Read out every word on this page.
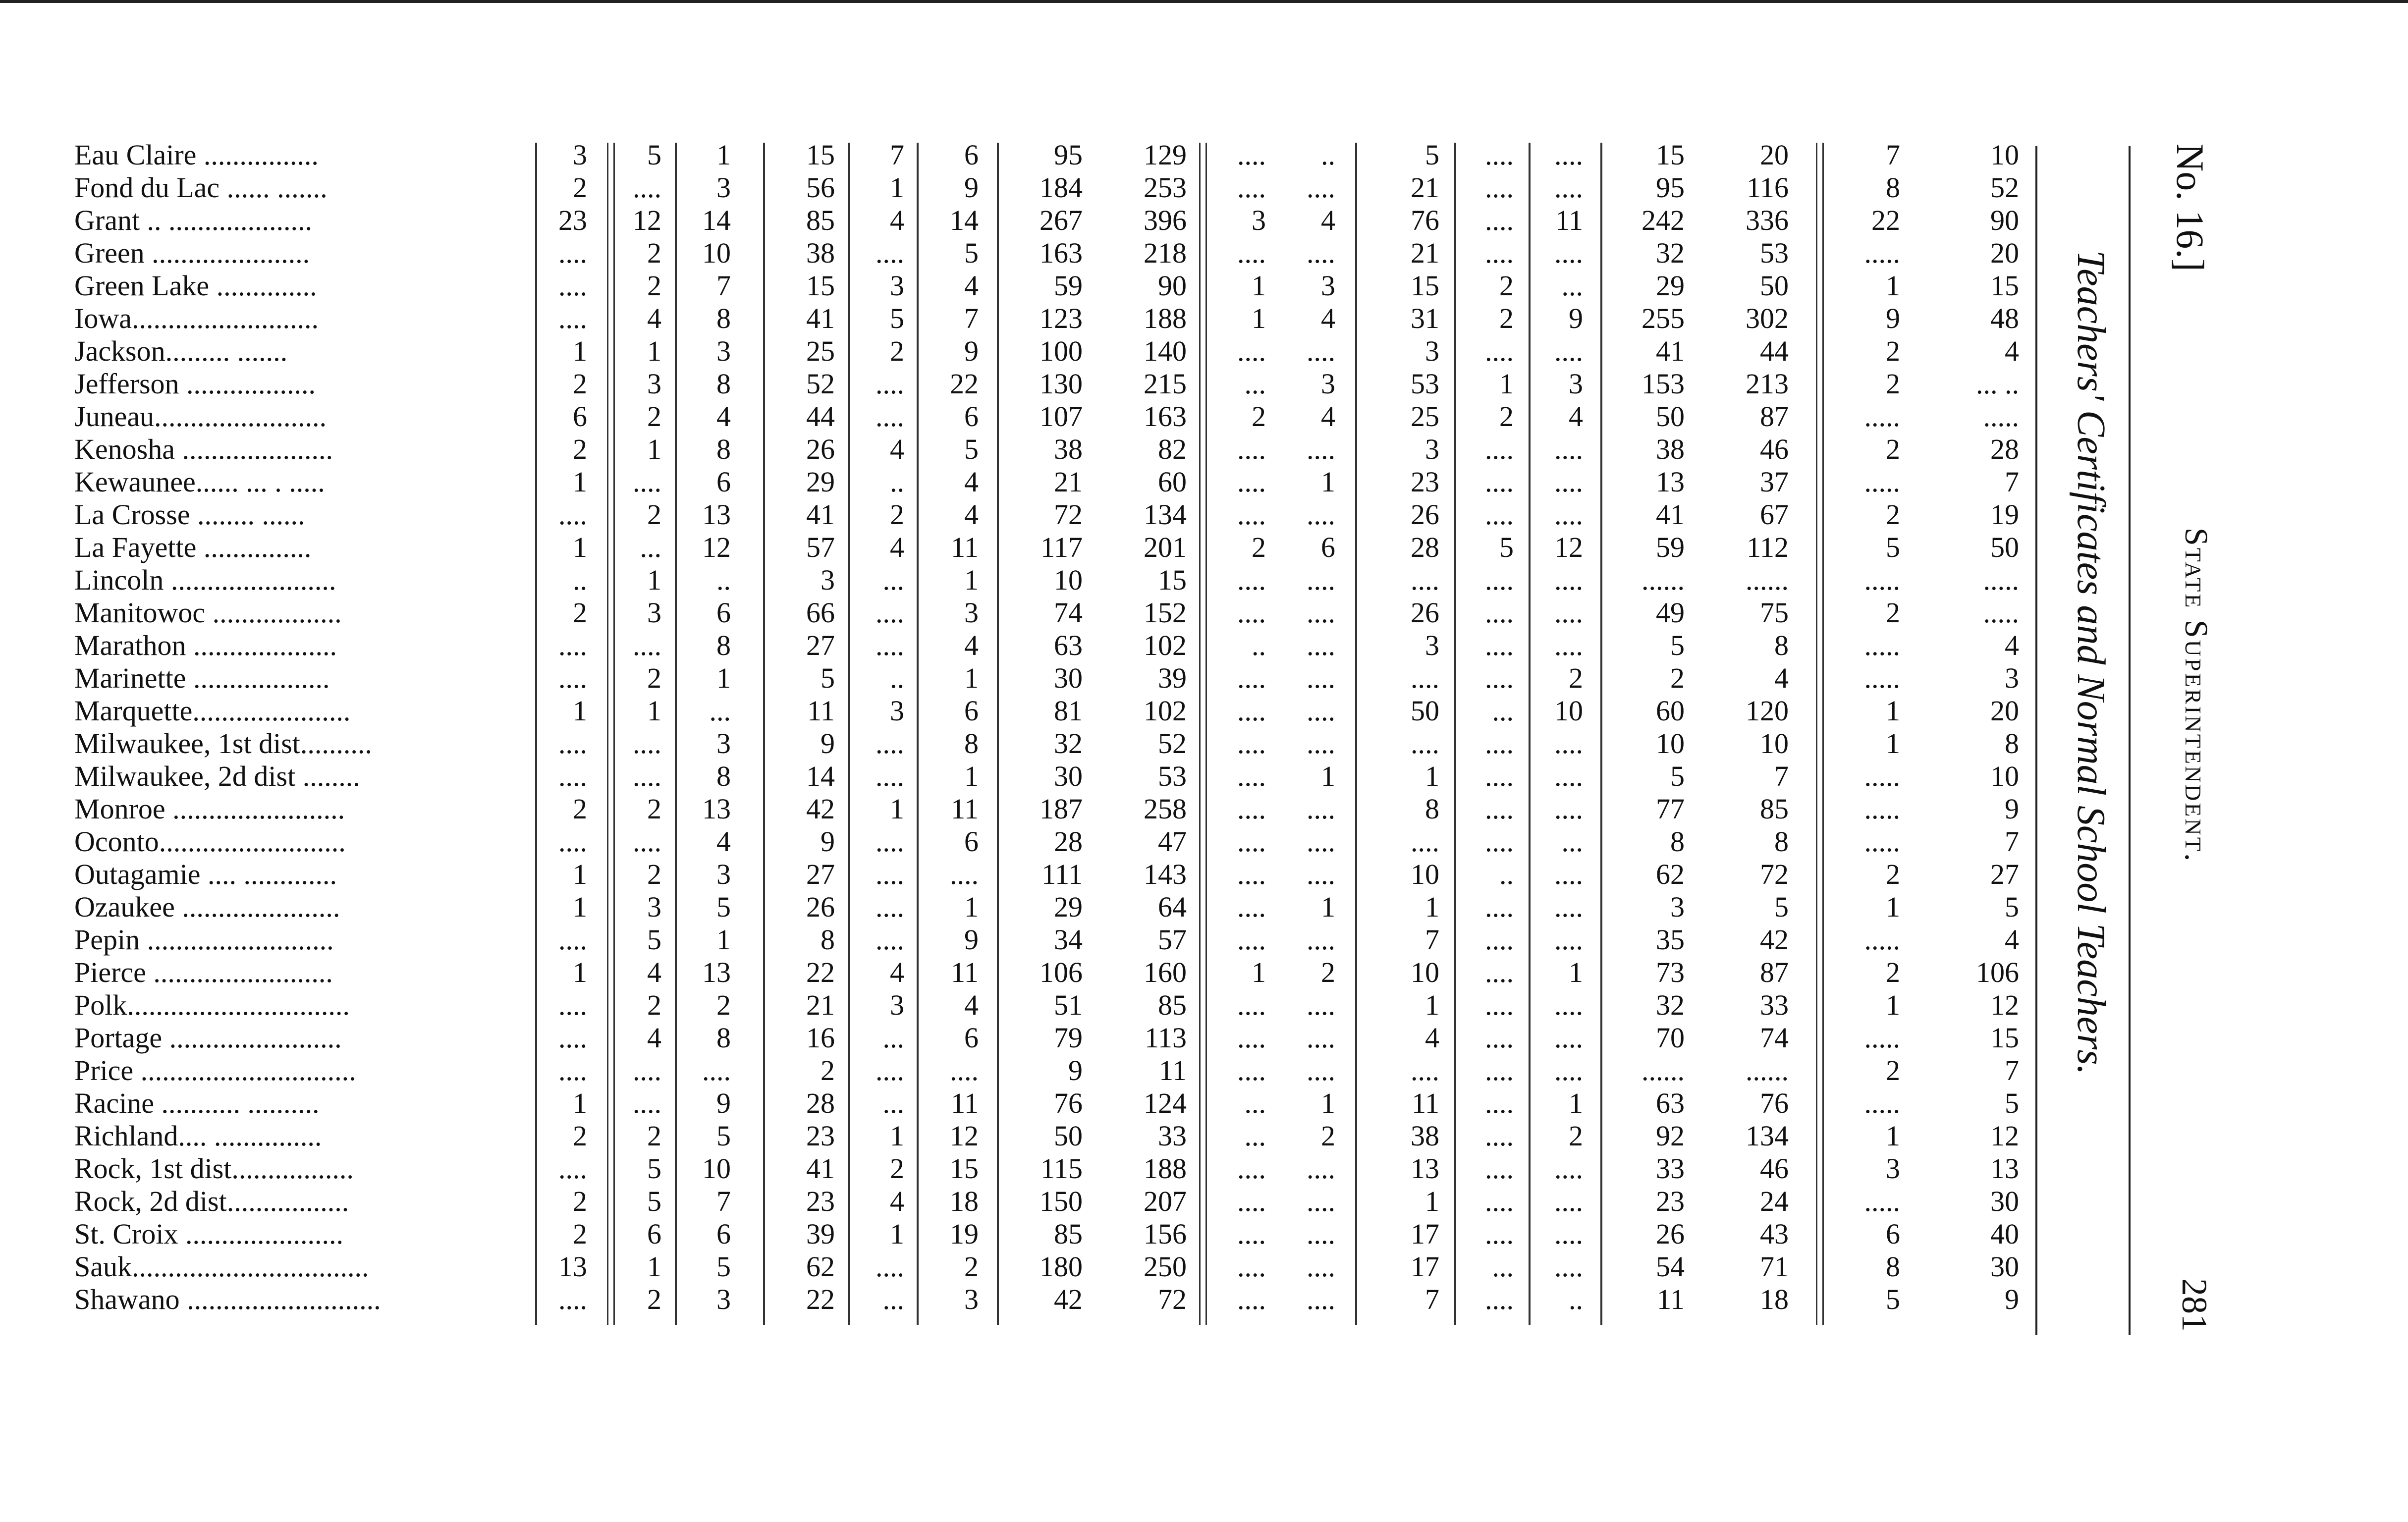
Eau Claire ................	3	5	1	15	7	6	95	129	....	..	5	....	....	15	20	7	10
Fond du Lac ...... .......	2	....	3	56	1	9	184	253	....	....	21	....	....	95	116	8	52
Grant .. ....................	23	12	14	85	4	14	267	396	3	4	76	....	11	242	336	22	90
Green ......................	....	2	10	38	....	5	163	218	....	....	21	....	....	32	53	.....	20
Green Lake ..............	....	2	7	15	3	4	59	90	1	3	15	2	...	29	50	1	15
Iowa..........................	....	4	8	41	5	7	123	188	1	4	31	2	9	255	302	9	48
Jackson......... .......	1	1	3	25	2	9	100	140	....	....	3	....	....	41	44	2	4
Jefferson ..................	2	3	8	52	....	22	130	215	...	3	53	1	3	153	213	2	... ..
Juneau........................	6	2	4	44	....	6	107	163	2	4	25	2	4	50	87	.....	.....
Kenosha .....................	2	1	8	26	4	5	38	82	....	....	3	....	....	38	46	2	28
Kewaunee...... ... . .....	1	....	6	29	..	4	21	60	....	1	23	....	....	13	37	.....	7
La Crosse ........ ......	....	2	13	41	2	4	72	134	....	....	26	....	....	41	67	2	19
La Fayette ...............	1	...	12	57	4	11	117	201	2	6	28	5	12	59	112	5	50
Lincoln .......................	..	1	..	3	...	1	10	15	....	....	....	....	....	......	......	.....	.....
Manitowoc ..................	2	3	6	66	....	3	74	152	....	....	26	....	....	49	75	2	.....
Marathon ....................	....	....	8	27	....	4	63	102	..	....	3	....	....	5	8	.....	4
Marinette ...................	....	2	1	5	..	1	30	39	....	....	....	....	2	2	4	.....	3
Marquette......................	1	1	...	11	3	6	81	102	....	....	50	...	10	60	120	1	20
Milwaukee, 1st dist..........	....	....	3	9	....	8	32	52	....	....	....	....	....	10	10	1	8
Milwaukee, 2d dist ........	....	....	8	14	....	1	30	53	....	1	1	....	....	5	7	.....	10
Monroe ........................	2	2	13	42	1	11	187	258	....	....	8	....	....	77	85	.....	9
Oconto..........................	....	....	4	9	....	6	28	47	....	....	....	....	...	8	8	.....	7
Outagamie .... .............	1	2	3	27	....	....	111	143	....	....	10	..	....	62	72	2	27
Ozaukee ......................	1	3	5	26	....	1	29	64	....	1	1	....	....	3	5	1	5
Pepin ..........................	....	5	1	8	....	9	34	57	....	....	7	....	....	35	42	.....	4
Pierce .........................	1	4	13	22	4	11	106	160	1	2	10	....	1	73	87	2	106
Polk...............................	....	2	2	21	3	4	51	85	....	....	1	....	....	32	33	1	12
Portage ........................	....	4	8	16	...	6	79	113	....	....	4	....	....	70	74	.....	15
Price ..............................	....	....	....	2	....	....	9	11	....	....	....	....	....	......	......	2	7
Racine ........... ..........	1	....	9	28	...	11	76	124	...	1	11	....	1	63	76	.....	5
Richland.... ...............	2	2	5	23	1	12	50	33	...	2	38	....	2	92	134	1	12
Rock, 1st dist.................	....	5	10	41	2	15	115	188	....	....	13	....	....	33	46	3	13
Rock, 2d dist.................	2	5	7	23	4	18	150	207	....	....	1	....	....	23	24	.....	30
St. Croix ......................	2	6	6	39	1	19	85	156	....	....	17	....	....	26	43	6	40
Sauk.................................	13	1	5	62	....	2	180	250	....	....	17	...	....	54	71	8	30
Shawano ...........................	....	2	3	22	...	3	42	72	....	....	7	....	..	11	18	5	9
No. 16.]
State Superintendent.
281
Teachers' Certificates and Normal School Teachers.
